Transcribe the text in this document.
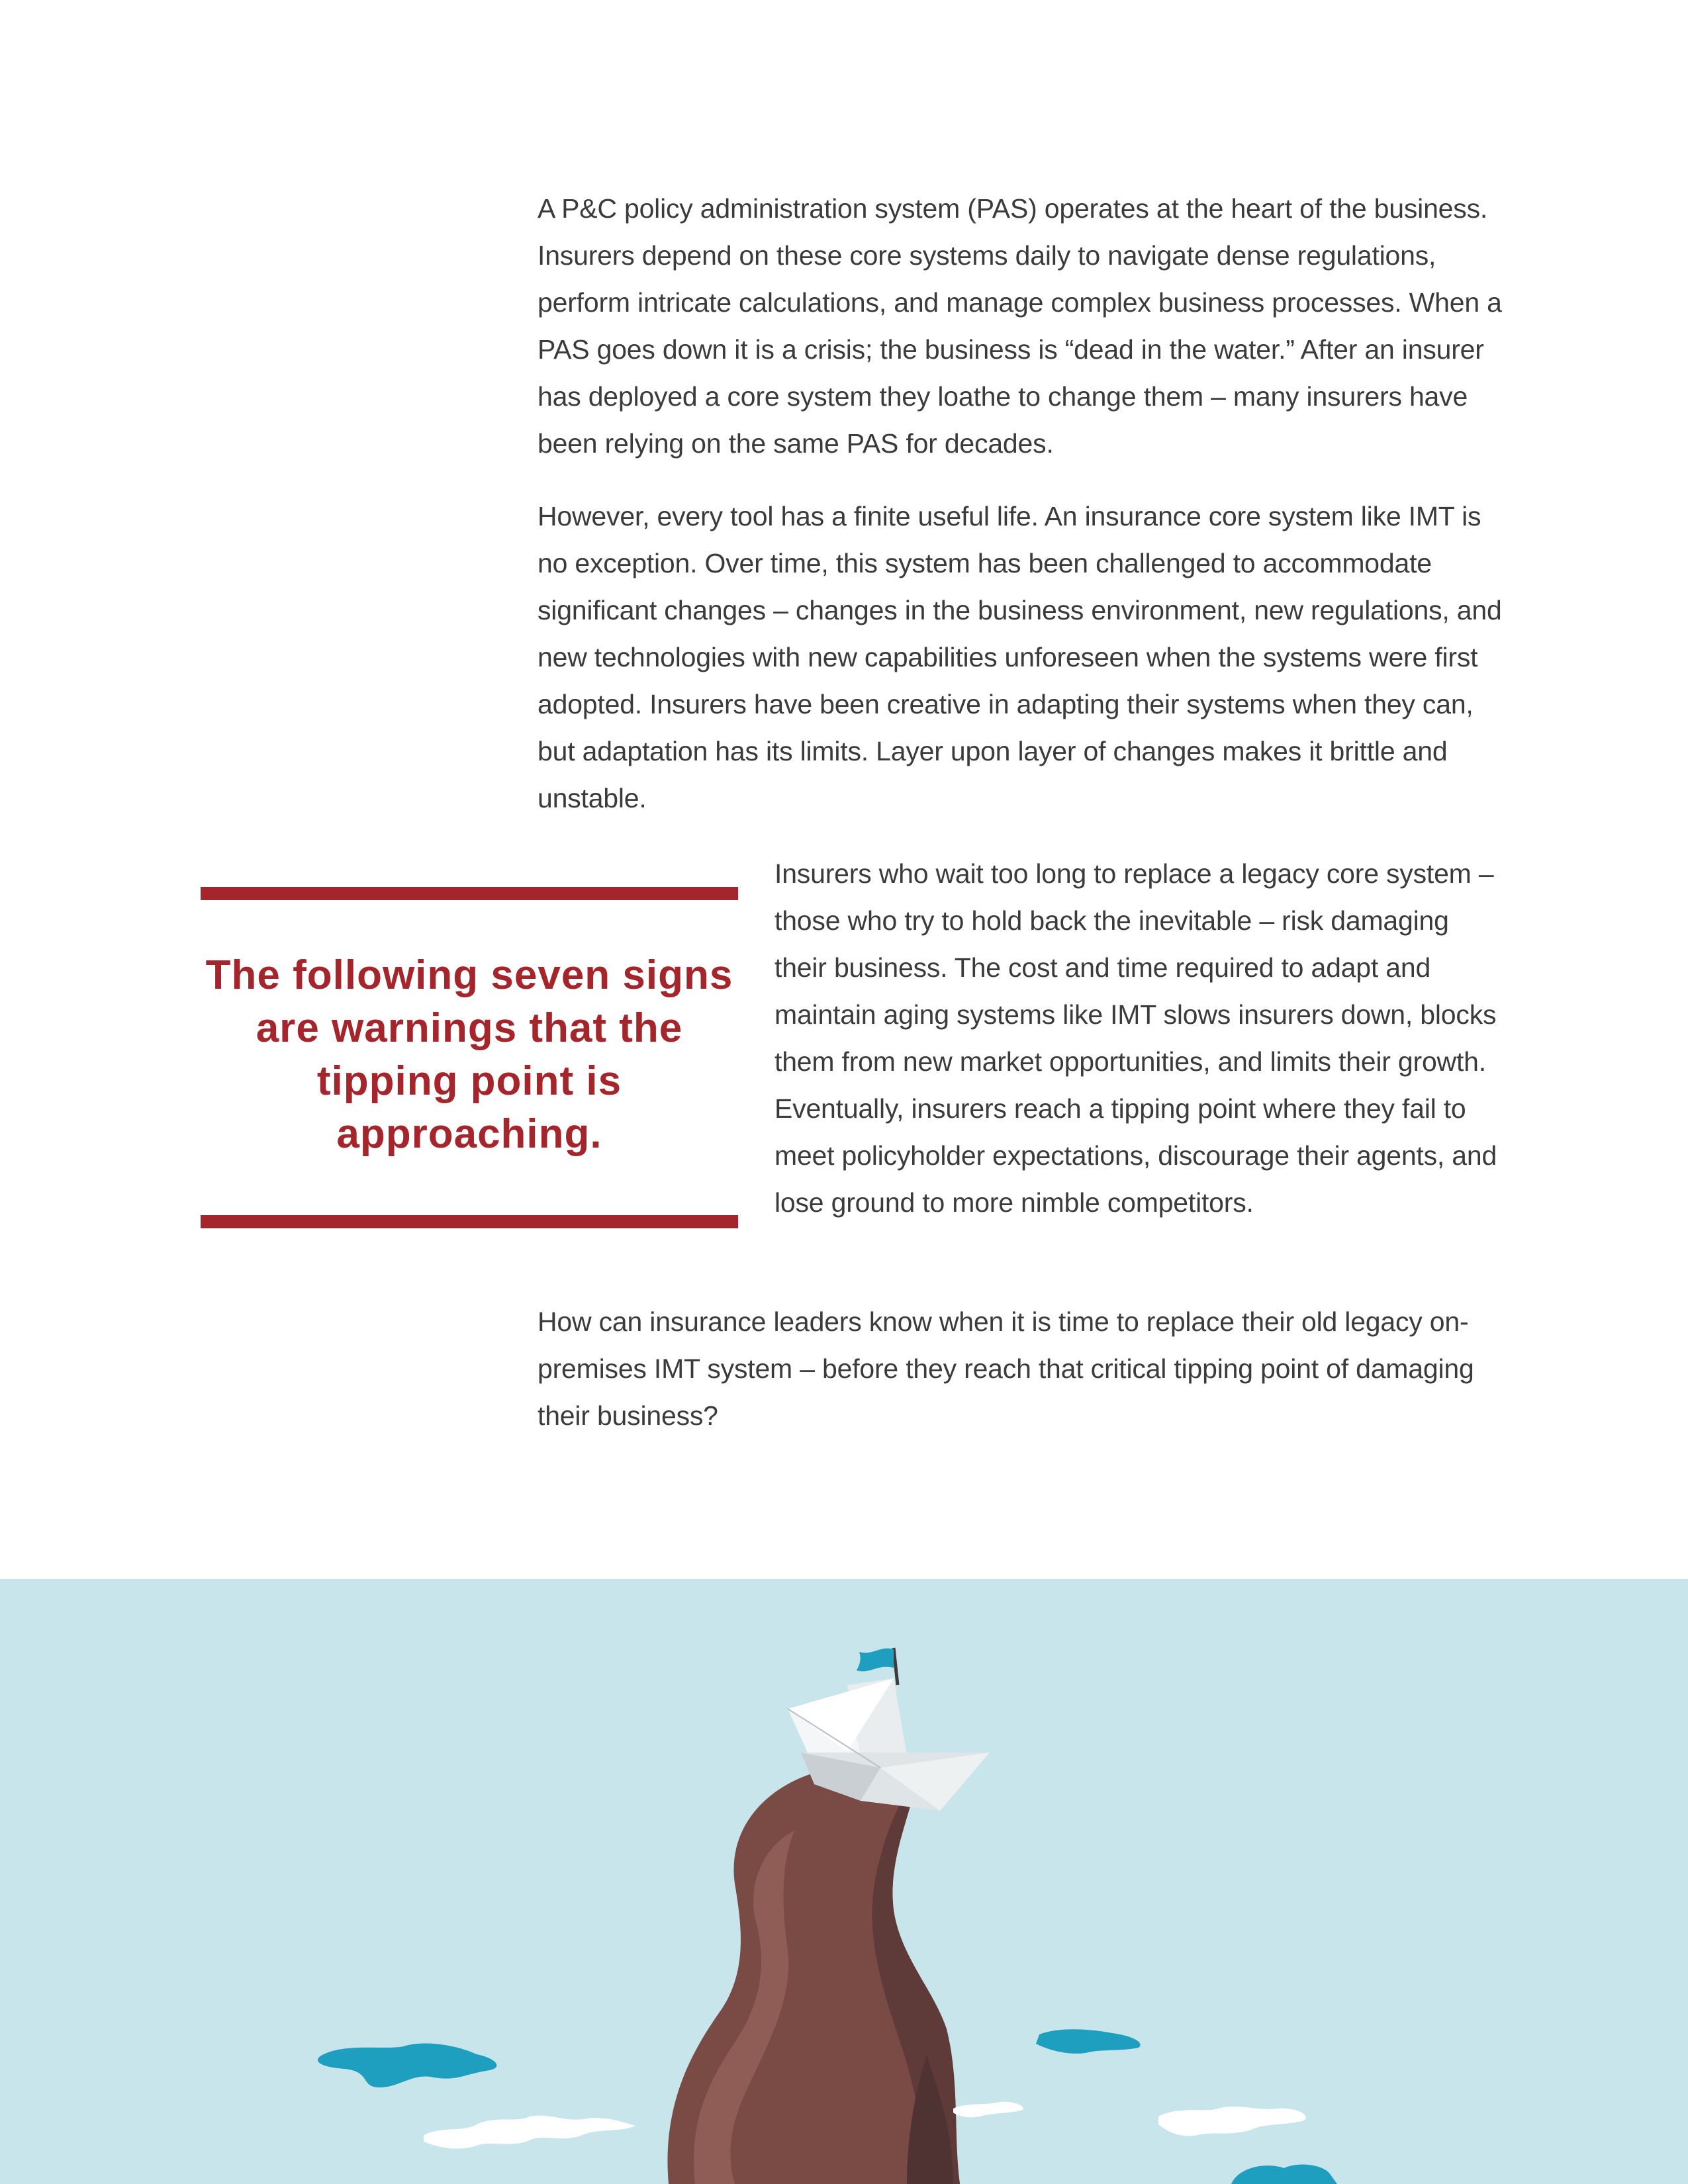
A P&C policy administration system (PAS) operates at the heart of the business. Insurers depend on these core systems daily to navigate dense regulations, perform intricate calculations, and manage complex business processes. When a PAS goes down it is a crisis; the business is “dead in the water.” After an insurer has deployed a core system they loathe to change them – many insurers have been relying on the same PAS for decades.

However, every tool has a finite useful life. An insurance core system like IMT is no exception. Over time, this system has been challenged to accommodate significant changes – changes in the business environment, new regulations, and new technologies with new capabilities unforeseen when the systems were first adopted. Insurers have been creative in adapting their systems when they can, but adaptation has its limits. Layer upon layer of changes makes it brittle and unstable.

The following seven signs are warnings that the tipping point is approaching.

Insurers who wait too long to replace a legacy core system – those who try to hold back the inevitable – risk damaging their business. The cost and time required to adapt and maintain aging systems like IMT slows insurers down, blocks them from new market opportunities, and limits their growth. Eventually, insurers reach a tipping point where they fail to meet policyholder expectations, discourage their agents, and lose ground to more nimble competitors.

How can insurance leaders know when it is time to replace their old legacy on-premises IMT system – before they reach that critical tipping point of damaging their business?
